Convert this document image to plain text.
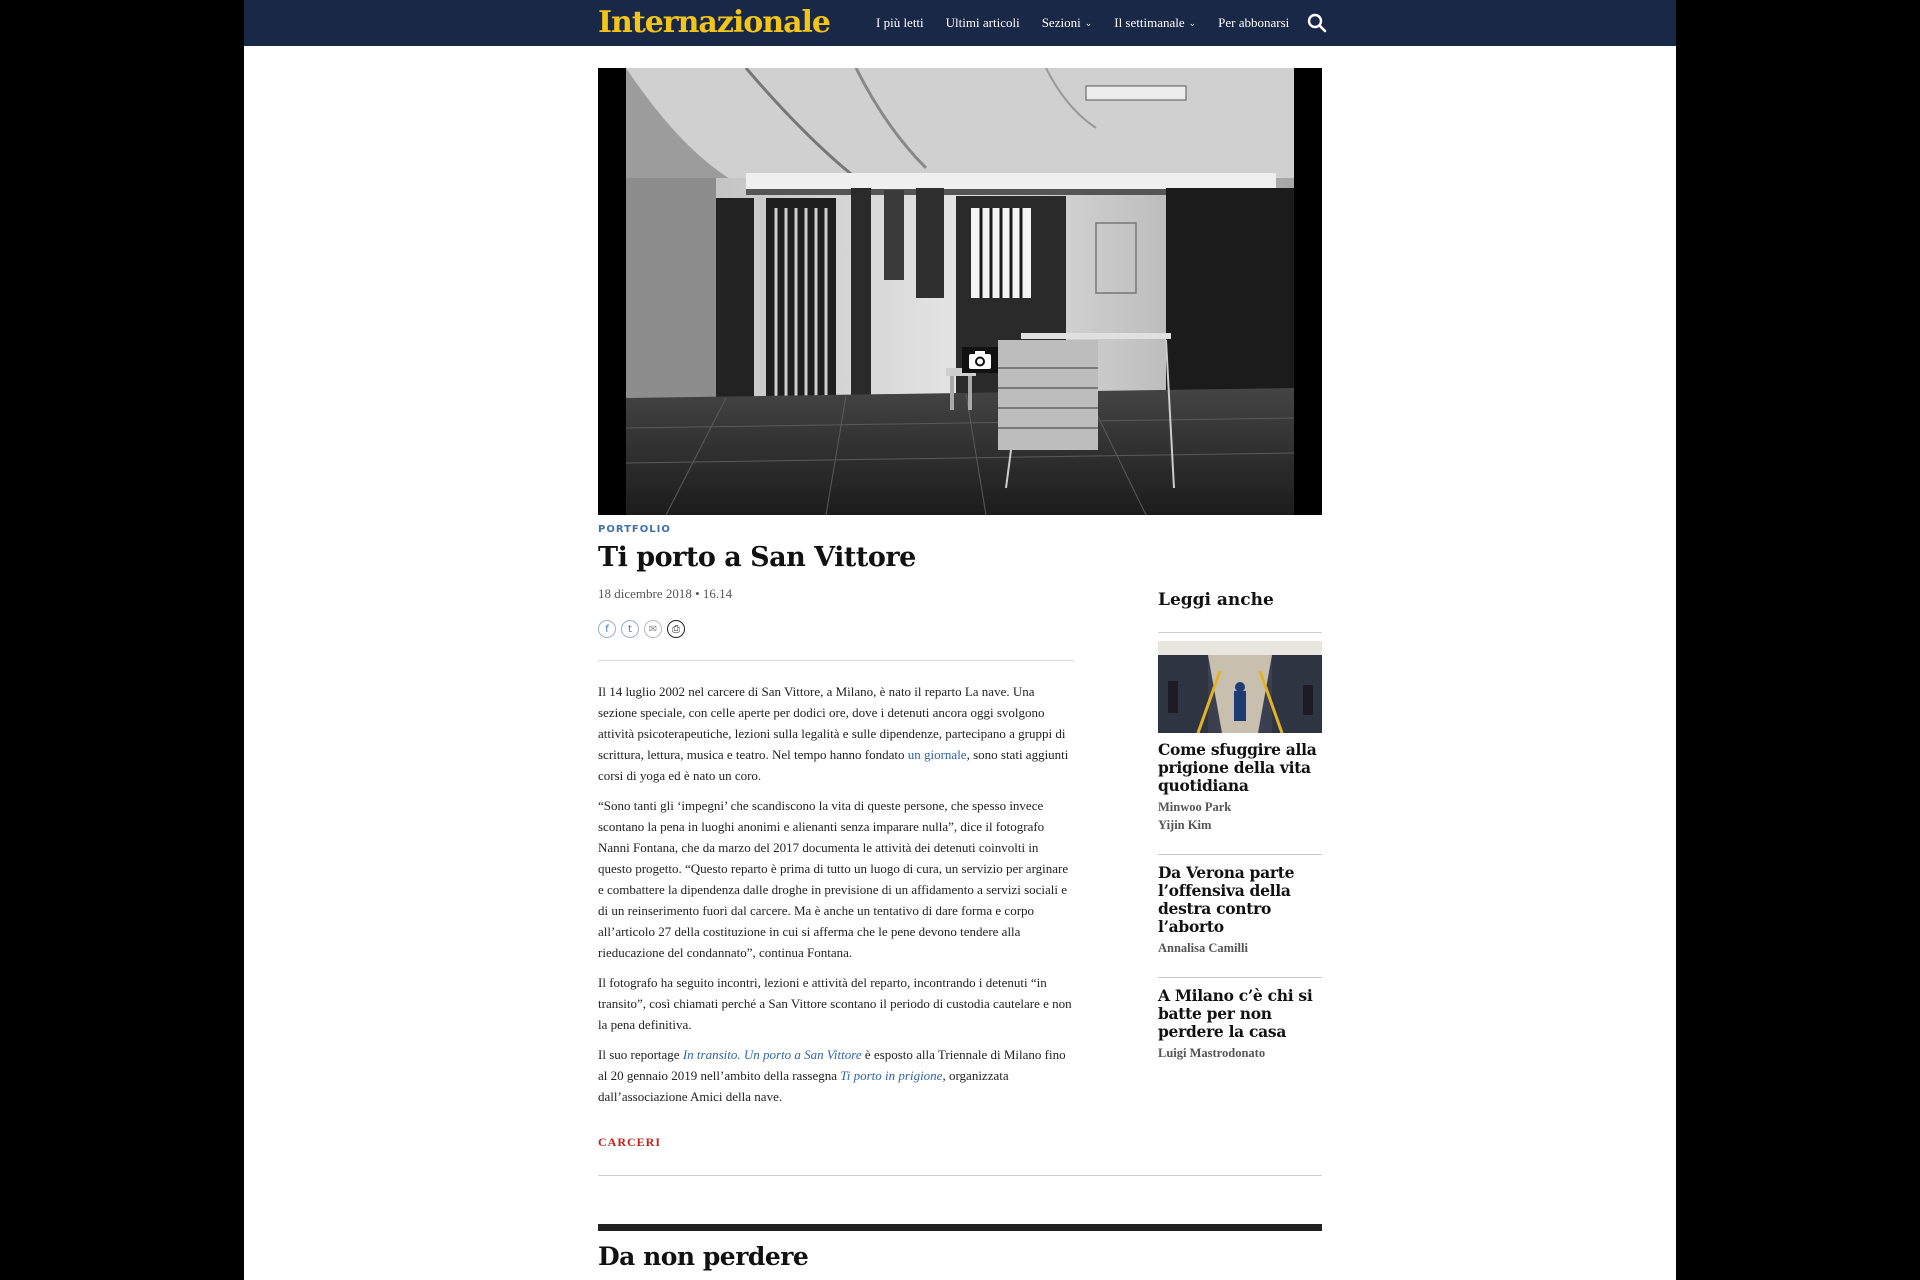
Internazionale	I più letti Ultimi articoli Sezioni ⌄ Il settimanale ⌄ Per abbonarsi
PORTFOLIO
Ti porto a San Vittore
18 dicembre 2018 • 16.14
f t ✉ ⎙

Il 14 luglio 2002 nel carcere di San Vittore, a Milano, è nato il reparto La nave. Una sezione speciale, con celle aperte per dodici ore, dove i detenuti ancora oggi svolgono attività psicoterapeutiche, lezioni sulla legalità e sulle dipendenze, partecipano a gruppi di scrittura, lettura, musica e teatro. Nel tempo hanno fondato un giornale, sono stati aggiunti corsi di yoga ed è nato un coro.

“Sono tanti gli ‘impegni’ che scandiscono la vita di queste persone, che spesso invece scontano la pena in luoghi anonimi e alienanti senza imparare nulla”, dice il fotografo Nanni Fontana, che da marzo del 2017 documenta le attività dei detenuti coinvolti in questo progetto. “Questo reparto è prima di tutto un luogo di cura, un servizio per arginare e combattere la dipendenza dalle droghe in previsione di un affidamento a servizi sociali e di un reinserimento fuori dal carcere. Ma è anche un tentativo di dare forma e corpo all’articolo 27 della costituzione in cui si afferma che le pene devono tendere alla rieducazione del condannato”, continua Fontana.

Il fotografo ha seguito incontri, lezioni e attività del reparto, incontrando i detenuti “in transito”, così chiamati perché a San Vittore scontano il periodo di custodia cautelare e non la pena definitiva.

Il suo reportage In transito. Un porto a San Vittore è esposto alla Triennale di Milano fino al 20 gennaio 2019 nell’ambito della rassegna Ti porto in prigione, organizzata dall’associazione Amici della nave.

CARCERI
Da non perdere
Leggi anche
Come sfuggire alla prigione della vita quotidiana
Minwoo Park
Yijin Kim
Da Verona parte l’offensiva della destra contro l’aborto
Annalisa Camilli
A Milano c’è chi si batte per non perdere la casa
Luigi Mastrodonato
